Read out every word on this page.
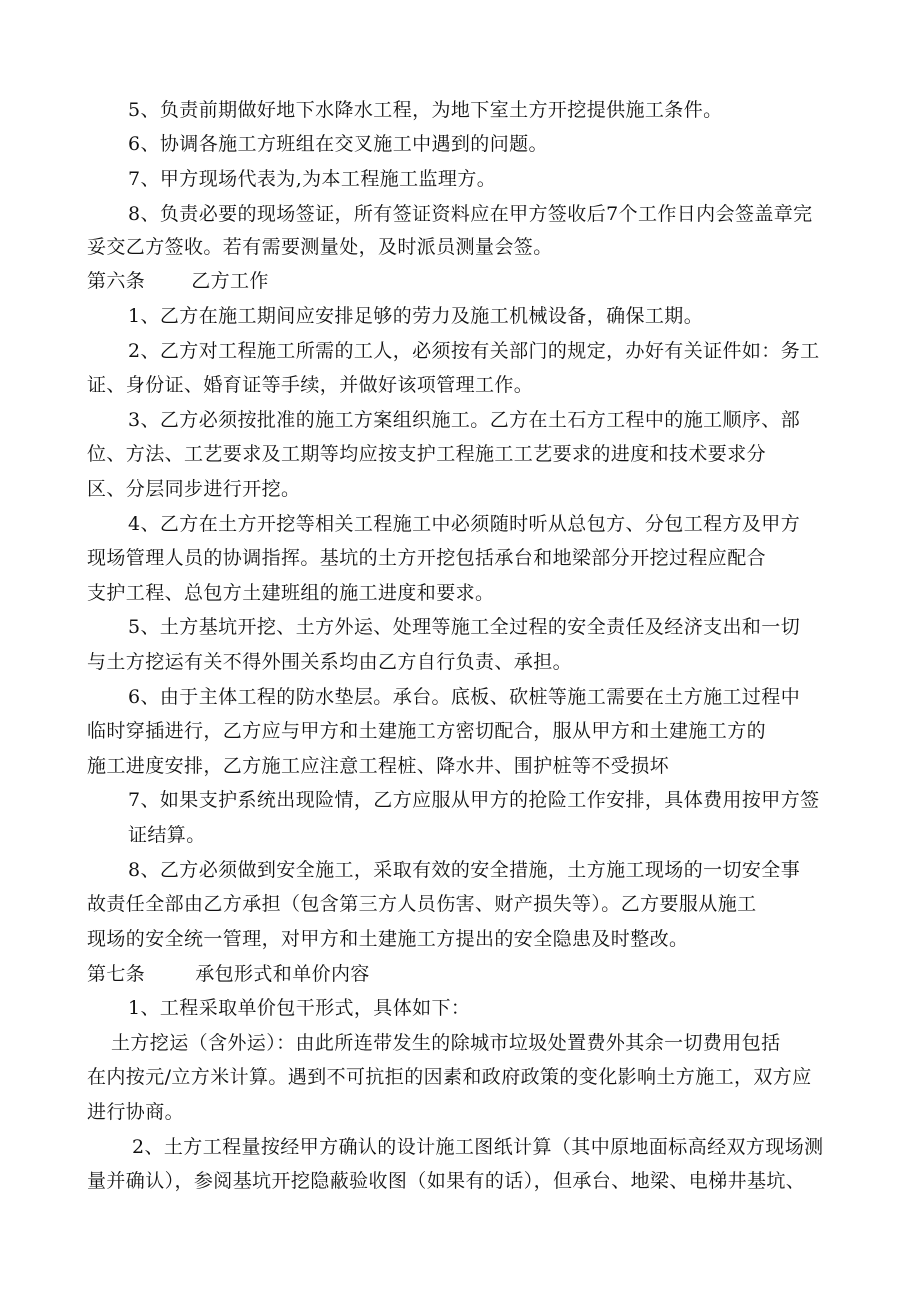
5、负责前期做好地下水降水工程，为地下室土方开挖提供施工条件。
6、协调各施工方班组在交叉施工中遇到的问题。
7、甲方现场代表为,为本工程施工监理方。
8、负责必要的现场签证，所有签证资料应在甲方签收后7个工作日内会签盖章完
妥交乙方签收。若有需要测量处，及时派员测量会签。
第六条 乙方工作
1、乙方在施工期间应安排足够的劳力及施工机械设备，确保工期。
2、乙方对工程施工所需的工人，必须按有关部门的规定，办好有关证件如：务工
证、身份证、婚育证等手续，并做好该项管理工作。
3、乙方必须按批准的施工方案组织施工。乙方在土石方工程中的施工顺序、部
位、方法、工艺要求及工期等均应按支护工程施工工艺要求的进度和技术要求分
区、分层同步进行开挖。
4、乙方在土方开挖等相关工程施工中必须随时听从总包方、分包工程方及甲方
现场管理人员的协调指挥。基坑的土方开挖包括承台和地梁部分开挖过程应配合
支护工程、总包方土建班组的施工进度和要求。
5、土方基坑开挖、土方外运、处理等施工全过程的安全责任及经济支出和一切
与土方挖运有关不得外围关系均由乙方自行负责、承担。
6、由于主体工程的防水垫层。承台。底板、砍桩等施工需要在土方施工过程中
临时穿插进行，乙方应与甲方和土建施工方密切配合，服从甲方和土建施工方的
施工进度安排，乙方施工应注意工程桩、降水井、围护桩等不受损坏
7、如果支护系统出现险情，乙方应服从甲方的抢险工作安排，具体费用按甲方签
证结算。
8、乙方必须做到安全施工，采取有效的安全措施，土方施工现场的一切安全事
故责任全部由乙方承担（包含第三方人员伤害、财产损失等）。乙方要服从施工
现场的安全统一管理，对甲方和土建施工方提出的安全隐患及时整改。
第七条	承包形式和单价内容
1、工程采取单价包干形式，具体如下：
土方挖运（含外运）：由此所连带发生的除城市垃圾处置费外其余一切费用包括
在内按元/立方米计算。遇到不可抗拒的因素和政府政策的变化影响土方施工，双方应
进行协商。
2、土方工程量按经甲方确认的设计施工图纸计算（其中原地面标高经双方现场测
量并确认），参阅基坑开挖隐蔽验收图（如果有的话），但承台、地梁、电梯井基坑、
